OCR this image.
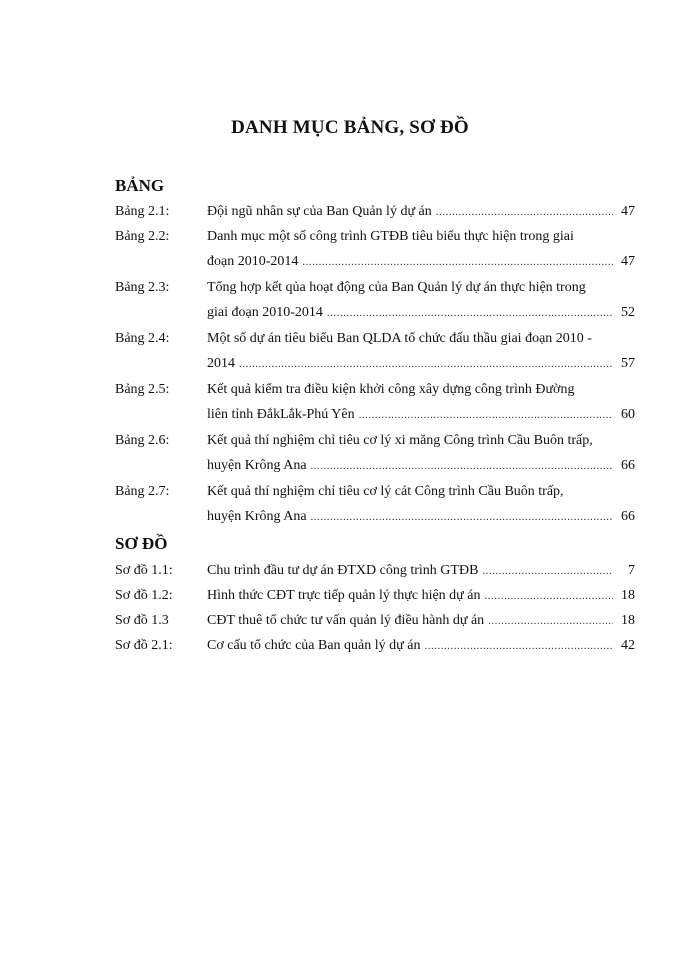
DANH MỤC BẢNG, SƠ ĐỒ
BẢNG
Bảng 2.1:	Đội ngũ nhân sự của Ban Quản lý dự án .....	47
Bảng 2.2:	Danh mục một số công trình GTĐB tiêu biểu thực hiện trong giai
đoạn 2010-2014 .....	47
Bảng 2.3:	Tổng hợp kết qủa hoạt động của Ban Quản lý dự án thực hiện trong
giai đoạn 2010-2014 .....	52
Bảng 2.4:	Một số dự án tiêu biểu Ban QLDA tổ chức đấu thầu giai đoạn 2010 -
2014 .....	57
Bảng 2.5:	Kết quả kiểm tra điều kiện khởi công xây dựng công trình Đường
liên tỉnh ĐắkLắk-Phú Yên .....	60
Bảng 2.6:	Kết quả thí nghiệm chỉ tiêu cơ lý xi măng Công trình Cầu Buôn trấp,
huyện Krông Ana .....	66
Bảng 2.7:	Kết quả thí nghiệm chỉ tiêu cơ lý cát Công trình Cầu Buôn trấp,
huyện Krông Ana .....	66
SƠ ĐỒ
Sơ đồ 1.1: Chu trình đầu tư dự án ĐTXD công trình GTĐB .....	7
Sơ đồ 1.2: Hình thức CĐT trực tiếp quản lý thực hiện dự án .....	18
Sơ đồ 1.3	CĐT thuê tổ chức tư vấn quản lý điều hành dự án .....	18
Sơ đồ 2.1: Cơ cấu tổ chức của Ban quản lý dự án .....	42
